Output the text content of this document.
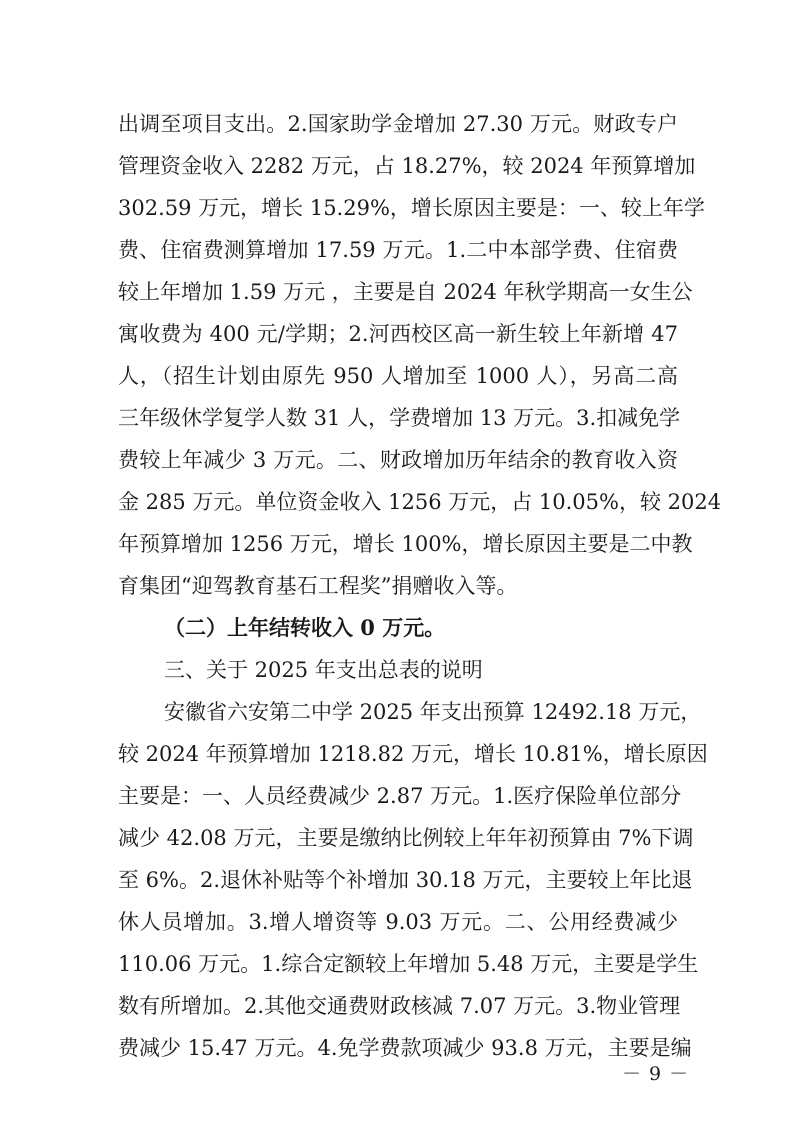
出调至项目支出。2.国家助学金增加 27.30 万元。财政专户
管理资金收入 2282 万元，占 18.27%，较 2024 年预算增加
302.59 万元，增长 15.29%，增长原因主要是：一、较上年学
费、住宿费测算增加 17.59 万元。1.二中本部学费、住宿费
较上年增加 1.59 万元 ，主要是自 2024 年秋学期高一女生公
寓收费为 400 元/学期；2.河西校区高一新生较上年新增 47
人，（招生计划由原先 950 人增加至 1000 人），另高二高
三年级休学复学人数 31 人，学费增加 13 万元。3.扣减免学
费较上年减少 3 万元。二、财政增加历年结余的教育收入资
金 285 万元。单位资金收入 1256 万元，占 10.05%，较 2024
年预算增加 1256 万元，增长 100%，增长原因主要是二中教
育集团“迎驾教育基石工程奖”捐赠收入等。
（二）上年结转收入 0 万元。
三、关于 2025 年支出总表的说明
安徽省六安第二中学 2025 年支出预算 12492.18 万元，
较 2024 年预算增加 1218.82 万元，增长 10.81%，增长原因
主要是：一、人员经费减少 2.87 万元。1.医疗保险单位部分
减少 42.08 万元，主要是缴纳比例较上年年初预算由 7%下调
至 6%。2.退休补贴等个补增加 30.18 万元，主要较上年比退
休人员增加。3.增人增资等 9.03 万元。二、公用经费减少
110.06 万元。1.综合定额较上年增加 5.48 万元，主要是学生
数有所增加。2.其他交通费财政核减 7.07 万元。3.物业管理
费减少 15.47 万元。4.免学费款项减少 93.8 万元，主要是编
－ 9 －
